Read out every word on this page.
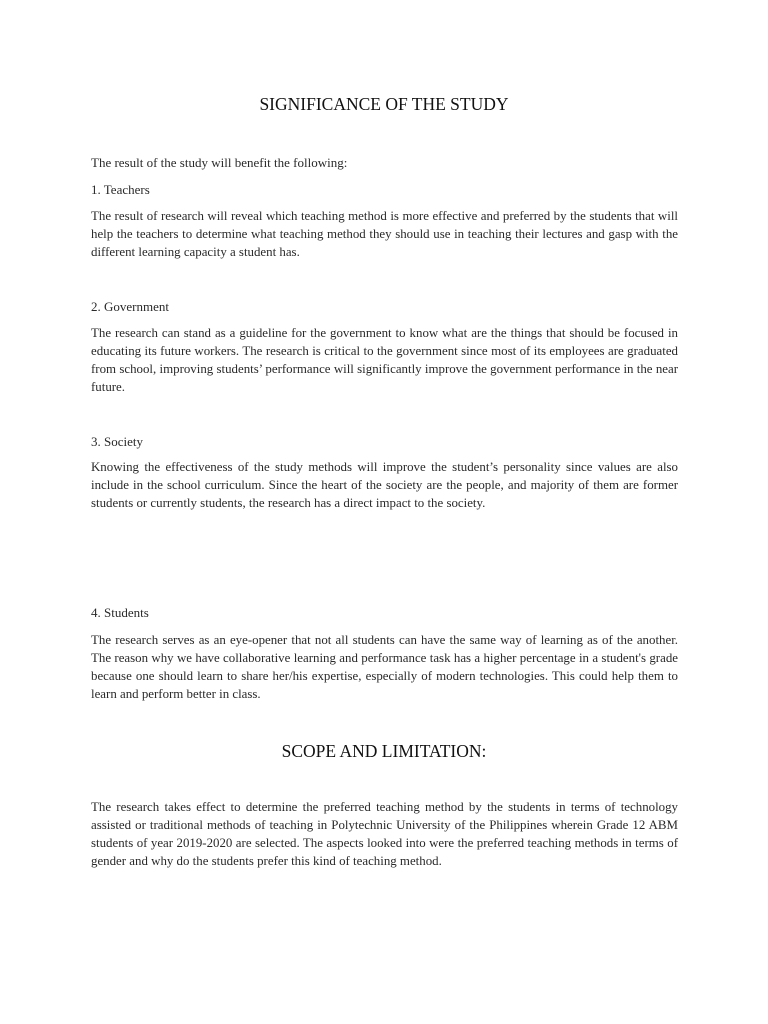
SIGNIFICANCE OF THE STUDY

The result of the study will benefit the following:

1. Teachers

The result of research will reveal which teaching method is more effective and preferred by the students that will help the teachers to determine what teaching method they should use in teaching their lectures and gasp with the different learning capacity a student has.

2. Government

The research can stand as a guideline for the government to know what are the things that should be focused in educating its future workers. The research is critical to the government since most of its employees are graduated from school, improving students’ performance will significantly improve the government performance in the near future.

3. Society

Knowing the effectiveness of the study methods will improve the student’s personality since values are also include in the school curriculum. Since the heart of the society are the people, and majority of them are former students or currently students, the research has a direct impact to the society.

4. Students

The research serves as an eye-opener that not all students can have the same way of learning as of the another. The reason why we have collaborative learning and performance task has a higher percentage in a student's grade because one should learn to share her/his expertise, especially of modern technologies. This could help them to learn and perform better in class.

SCOPE AND LIMITATION:

The research takes effect to determine the preferred teaching method by the students in terms of technology assisted or traditional methods of teaching in Polytechnic University of the Philippines wherein Grade 12 ABM students of year 2019-2020 are selected. The aspects looked into were the preferred teaching methods in terms of gender and why do the students prefer this kind of teaching method.
